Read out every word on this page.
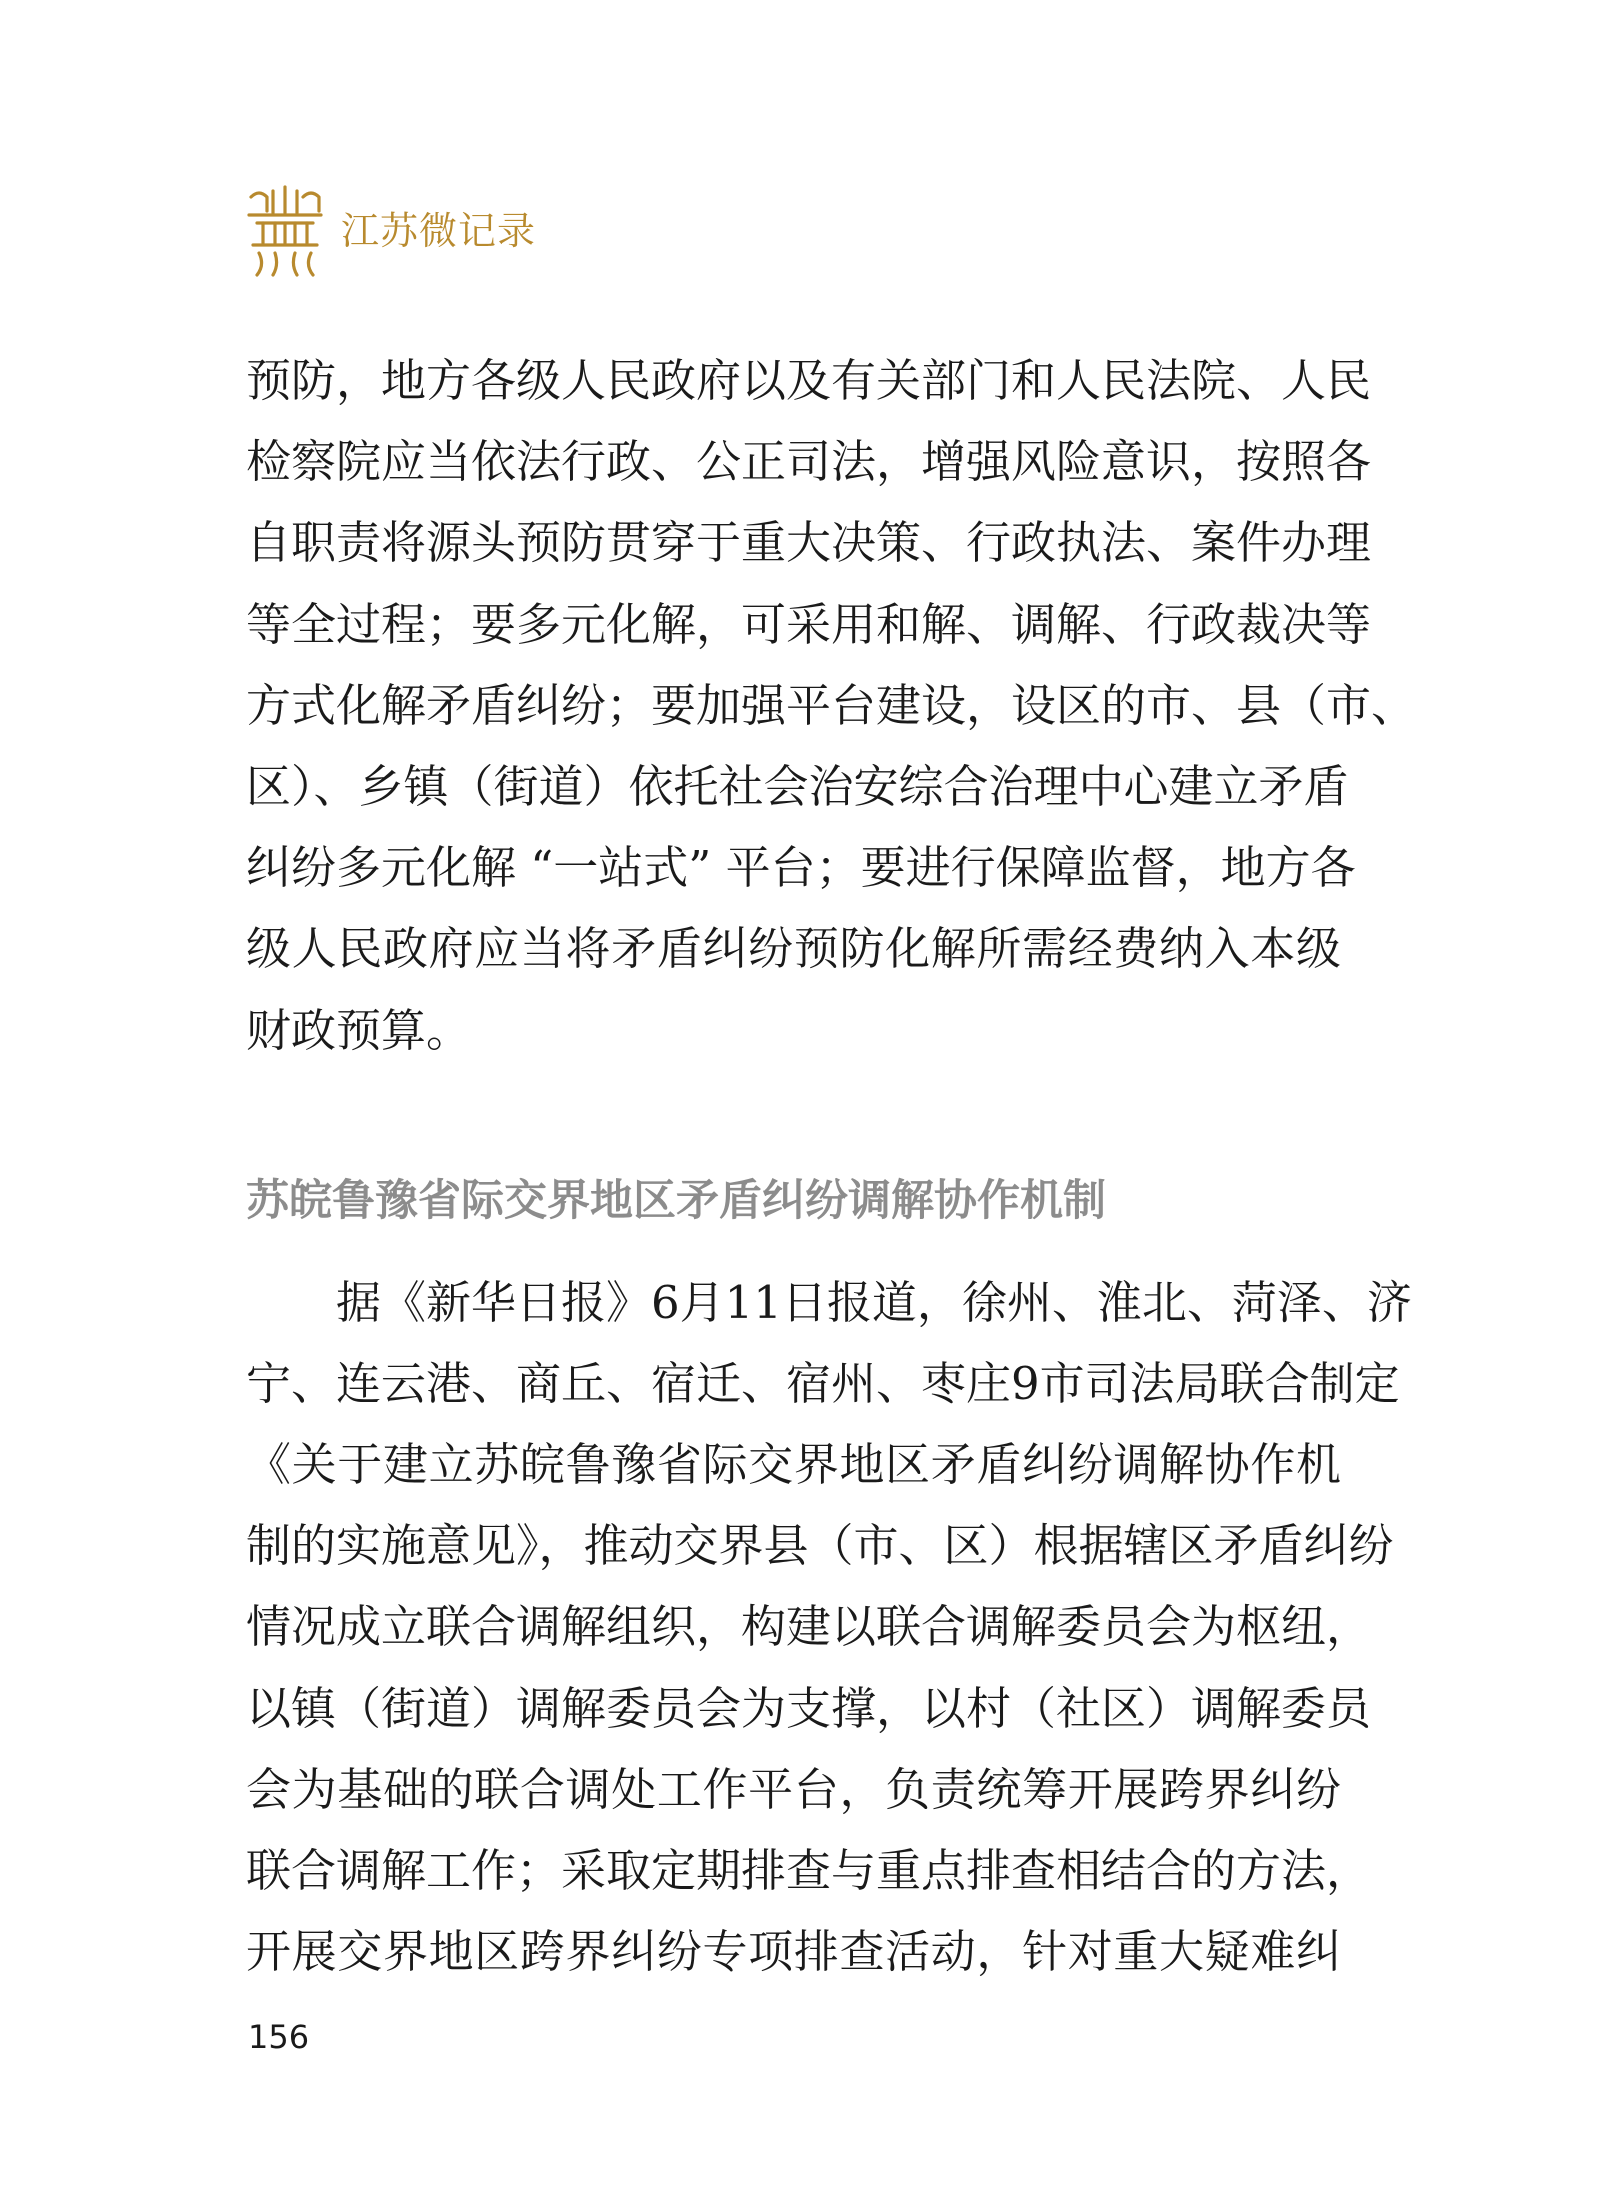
江苏微记录
预防，地方各级人民政府以及有关部门和人民法院、人民
检察院应当依法行政、公正司法，增强风险意识，按照各
自职责将源头预防贯穿于重大决策、行政执法、案件办理
等全过程；要多元化解，可采用和解、调解、行政裁决等
方式化解矛盾纠纷；要加强平台建设，设区的市、县（市、
区）、乡镇（街道）依托社会治安综合治理中心建立矛盾
纠纷多元化解 “一站式” 平台；要进行保障监督，地方各
级人民政府应当将矛盾纠纷预防化解所需经费纳入本级
财政预算。
苏皖鲁豫省际交界地区矛盾纠纷调解协作机制
据《新华日报》6月11日报道，徐州、淮北、菏泽、济
宁、连云港、商丘、宿迁、宿州、枣庄9市司法局联合制定
《关于建立苏皖鲁豫省际交界地区矛盾纠纷调解协作机
制的实施意见》，推动交界县（市、区）根据辖区矛盾纠纷
情况成立联合调解组织，构建以联合调解委员会为枢纽，
以镇（街道）调解委员会为支撑，以村（社区）调解委员
会为基础的联合调处工作平台，负责统筹开展跨界纠纷
联合调解工作；采取定期排查与重点排查相结合的方法，
开展交界地区跨界纠纷专项排查活动，针对重大疑难纠
156
